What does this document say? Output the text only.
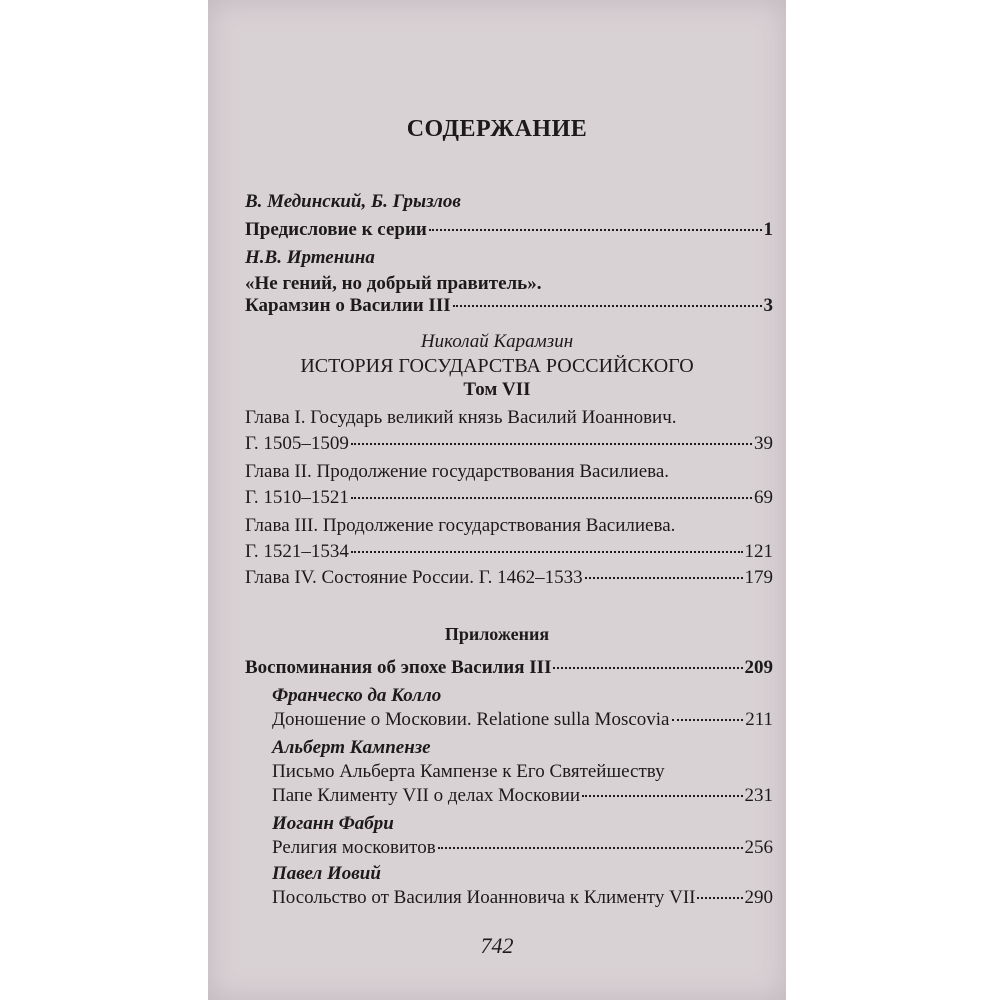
СОДЕРЖАНИЕ
В. Мединский, Б. Грызлов
Предисловие к серии	1
Н.В. Иртенина
«Не гений, но добрый правитель».
Карамзин о Василии III	3
Николай Карамзин
ИСТОРИЯ ГОСУДАРСТВА РОССИЙСКОГО
Том VII
Глава I. Государь великий князь Василий Иоаннович.
Г. 1505–1509	39
Глава II. Продолжение государствования Василиева.
Г. 1510–1521	69
Глава III. Продолжение государствования Василиева.
Г. 1521–1534	121
Глава IV. Состояние России. Г. 1462–1533	179
Приложения
Воспоминания об эпохе Василия III	209
Франческо да Колло
Доношение о Московии. Relatione sulla Moscovia	211
Альберт Кампензе
Письмо Альберта Кампензе к Его Святейшеству
Папе Клименту VII о делах Московии	231
Иоганн Фабри
Религия московитов	256
Павел Иовий
Посольство от Василия Иоанновича к Клименту VII	290
742
